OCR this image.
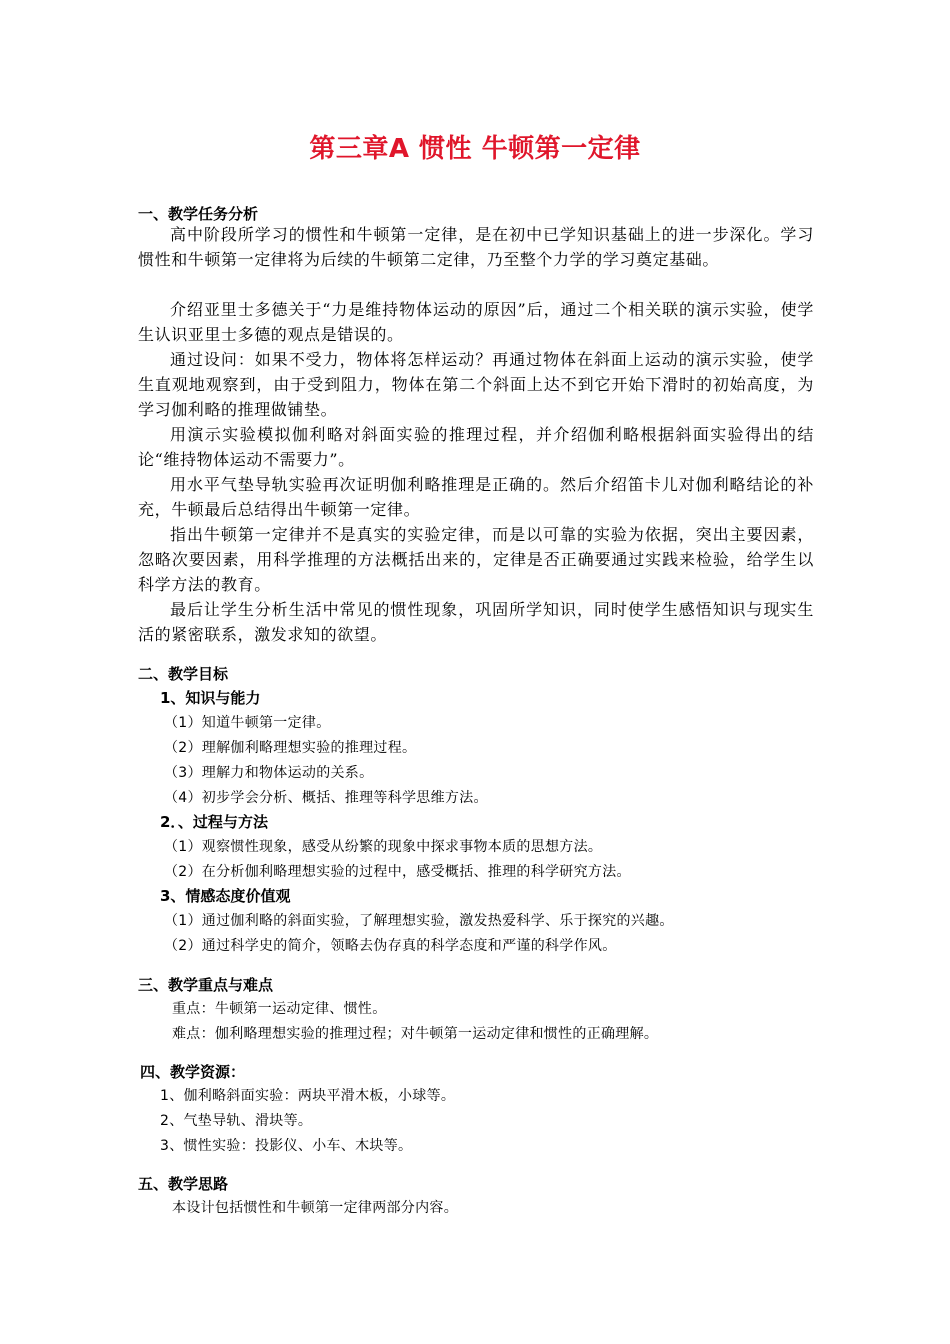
第三章A 惯性 牛顿第一定律
一、教学任务分析

高中阶段所学习的惯性和牛顿第一定律，是在初中已学知识基础上的进一步深化。学习惯性和牛顿第一定律将为后续的牛顿第二定律，乃至整个力学的学习奠定基础。

介绍亚里士多德关于“力是维持物体运动的原因”后，通过二个相关联的演示实验，使学生认识亚里士多德的观点是错误的。

通过设问：如果不受力，物体将怎样运动？再通过物体在斜面上运动的演示实验，使学生直观地观察到，由于受到阻力，物体在第二个斜面上达不到它开始下滑时的初始高度，为学习伽利略的推理做铺垫。

用演示实验模拟伽利略对斜面实验的推理过程，并介绍伽利略根据斜面实验得出的结论“维持物体运动不需要力”。

用水平气垫导轨实验再次证明伽利略推理是正确的。然后介绍笛卡儿对伽利略结论的补充，牛顿最后总结得出牛顿第一定律。

指出牛顿第一定律并不是真实的实验定律，而是以可靠的实验为依据，突出主要因素，忽略次要因素，用科学推理的方法概括出来的，定律是否正确要通过实践来检验，给学生以科学方法的教育。

最后让学生分析生活中常见的惯性现象，巩固所学知识，同时使学生感悟知识与现实生活的紧密联系，激发求知的欲望。

二、教学目标
1、知识与能力
（1）知道牛顿第一定律。
（2）理解伽利略理想实验的推理过程。
（3）理解力和物体运动的关系。
（4）初步学会分析、概括、推理等科学思维方法。
2．、过程与方法
（1）观察惯性现象，感受从纷繁的现象中探求事物本质的思想方法。
（2）在分析伽利略理想实验的过程中，感受概括、推理的科学研究方法。
3、情感态度价值观
（1）通过伽利略的斜面实验，了解理想实验，激发热爱科学、乐于探究的兴趣。
（2）通过科学史的简介，领略去伪存真的科学态度和严谨的科学作风。
三、教学重点与难点
重点：牛顿第一运动定律、惯性。
难点：伽利略理想实验的推理过程；对牛顿第一运动定律和惯性的正确理解。
四、教学资源：
1、伽利略斜面实验：两块平滑木板，小球等。
2、气垫导轨、滑块等。
3、惯性实验：投影仪、小车、木块等。
五、教学思路
本设计包括惯性和牛顿第一定律两部分内容。
